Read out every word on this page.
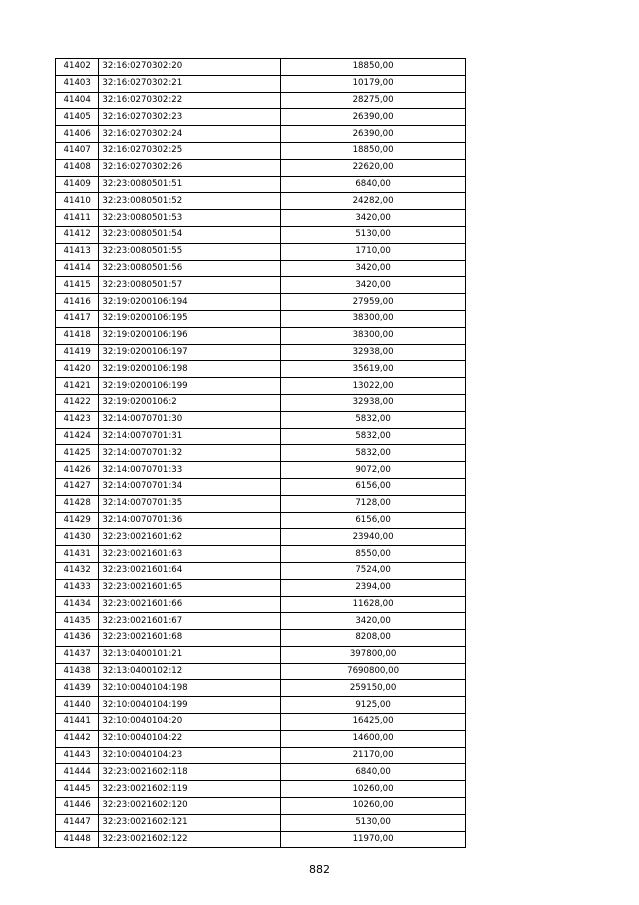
41402	32:16:0270302:20	18850,00
41403	32:16:0270302:21	10179,00
41404	32:16:0270302:22	28275,00
41405	32:16:0270302:23	26390,00
41406	32:16:0270302:24	26390,00
41407	32:16:0270302:25	18850,00
41408	32:16:0270302:26	22620,00
41409	32:23:0080501:51	6840,00
41410	32:23:0080501:52	24282,00
41411	32:23:0080501:53	3420,00
41412	32:23:0080501:54	5130,00
41413	32:23:0080501:55	1710,00
41414	32:23:0080501:56	3420,00
41415	32:23:0080501:57	3420,00
41416	32:19:0200106:194	27959,00
41417	32:19:0200106:195	38300,00
41418	32:19:0200106:196	38300,00
41419	32:19:0200106:197	32938,00
41420	32:19:0200106:198	35619,00
41421	32:19:0200106:199	13022,00
41422	32:19:0200106:2	32938,00
41423	32:14:0070701:30	5832,00
41424	32:14:0070701:31	5832,00
41425	32:14:0070701:32	5832,00
41426	32:14:0070701:33	9072,00
41427	32:14:0070701:34	6156,00
41428	32:14:0070701:35	7128,00
41429	32:14:0070701:36	6156,00
41430	32:23:0021601:62	23940,00
41431	32:23:0021601:63	8550,00
41432	32:23:0021601:64	7524,00
41433	32:23:0021601:65	2394,00
41434	32:23:0021601:66	11628,00
41435	32:23:0021601:67	3420,00
41436	32:23:0021601:68	8208,00
41437	32:13:0400101:21	397800,00
41438	32:13:0400102:12	7690800,00
41439	32:10:0040104:198	259150,00
41440	32:10:0040104:199	9125,00
41441	32:10:0040104:20	16425,00
41442	32:10:0040104:22	14600,00
41443	32:10:0040104:23	21170,00
41444	32:23:0021602:118	6840,00
41445	32:23:0021602:119	10260,00
41446	32:23:0021602:120	10260,00
41447	32:23:0021602:121	5130,00
41448	32:23:0021602:122	11970,00
882
